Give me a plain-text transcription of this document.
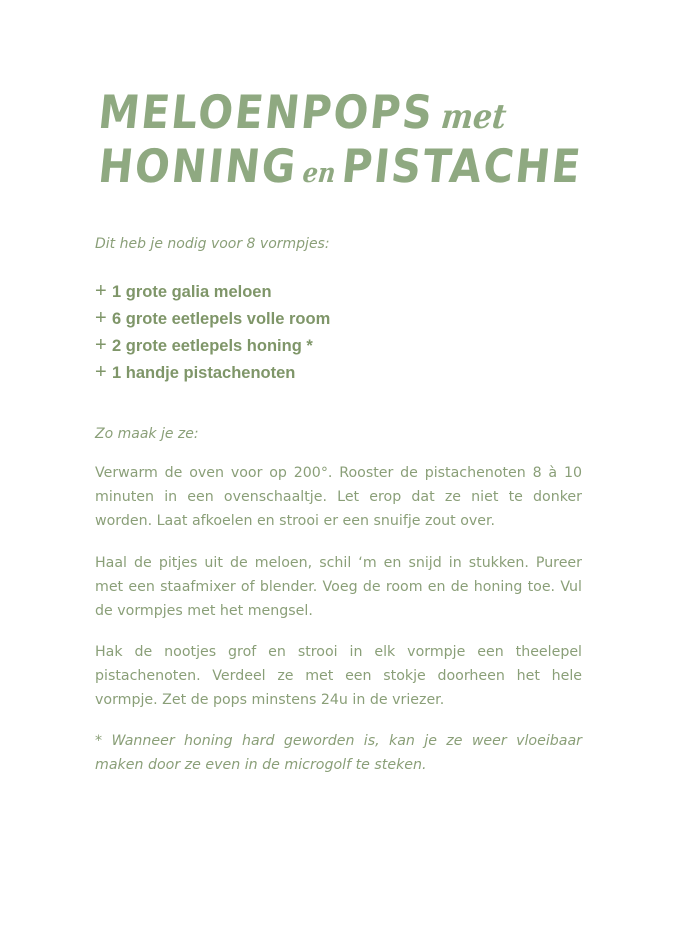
MELOENPOPSmet
HONINGenPISTACHE
Dit heb je nodig voor 8 vormpjes:
+ 1 grote galia meloen
+ 6 grote eetlepels volle room
+ 2 grote eetlepels honing *
+ 1 handje pistachenoten
Zo maak je ze:

Verwarm de oven voor op 200°. Rooster de pistachenoten 8 à 10 minuten in een ovenschaaltje. Let erop dat ze niet te donker worden. Laat afkoelen en strooi er een snuifje zout over.

Haal de pitjes uit de meloen, schil ‘m en snijd in stukken. Pureer met een staafmixer of blender. Voeg de room en de honing toe. Vul de vormpjes met het mengsel.

Hak de nootjes grof en strooi in elk vormpje een theelepel pistachenoten. Verdeel ze met een stokje doorheen het hele vormpje. Zet de pops minstens 24u in de vriezer.

* Wanneer honing hard geworden is, kan je ze weer vloeibaar maken door ze even in de microgolf te steken.
